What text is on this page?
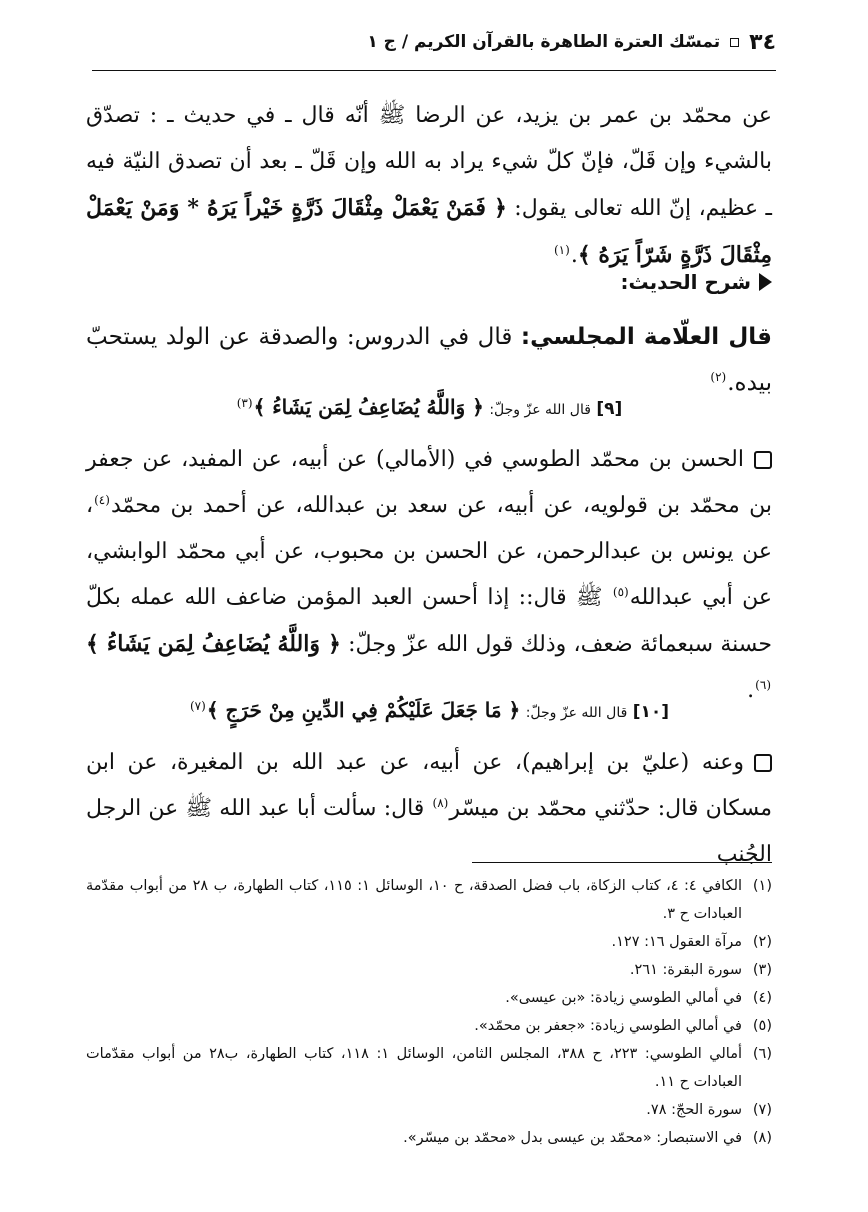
٣٤
تمسّك العترة الطاهرة بالقرآن الكريم / ج ١

عن محمّد بن عمر بن يزيد، عن الرضا ﷺ أنّه قال ـ في حديث ـ : تصدّق بالشيء وإن قَلّ، فإنّ كلّ شيء يراد به الله وإن قَلّ ـ بعد أن تصدق النيّة فيه ـ عظيم، إنّ الله تعالى يقول: ﴿ فَمَنْ يَعْمَلْ مِثْقَالَ ذَرَّةٍ خَيْراً يَرَهُ * وَمَنْ يَعْمَلْ مِثْقَالَ ذَرَّةٍ شَرّاً يَرَهُ ﴾.$^{(١)}$

شرح الحديث:

قال العلّامة المجلسي: قال في الدروس: والصدقة عن الولد يستحبّ بيده.$^{(٢)}$

[٩] قال الله عزّ وجلّ: ﴿ وَاللَّهُ يُضَاعِفُ لِمَن يَشَاءُ ﴾$^{(٣)}$

الحسن بن محمّد الطوسي في (الأمالي) عن أبيه، عن المفيد، عن جعفر بن محمّد بن قولويه، عن أبيه، عن سعد بن عبدالله، عن أحمد بن محمّد$^{(٤)}$، عن يونس بن عبدالرحمن، عن الحسن بن محبوب، عن أبي محمّد الوابشي، عن أبي عبدالله$^{(٥)}$ ﷺ قال:: إذا أحسن العبد المؤمن ضاعف الله عمله بكلّ حسنة سبعمائة ضعف، وذلك قول الله عزّ وجلّ: ﴿ وَاللَّهُ يُضَاعِفُ لِمَن يَشَاءُ ﴾$^{(٦)}$.

[١٠] قال الله عزّ وجلّ: ﴿ مَا جَعَلَ عَلَيْكُمْ فِي الدِّينِ مِنْ حَرَجٍ ﴾$^{(٧)}$

وعنه (عليّ بن إبراهيم)، عن أبيه، عن عبد الله بن المغيرة، عن ابن مسكان قال: حدّثني محمّد بن ميسّر$^{(٨)}$ قال: سألت أبا عبد الله ﷺ عن الرجل الجُنب

(١)
الكافي ٤: ٤، كتاب الزكاة، باب فضل الصدقة، ح ١٠، الوسائل ١: ١١٥، كتاب الطهارة، ب ٢٨ من أبواب مقدّمة العبادات ح ٣.
(٢)
مرآة العقول ١٦: ١٢٧.
(٣)
سورة البقرة: ٢٦١.
(٤)
في أمالي الطوسي زيادة: «بن عيسى».
(٥)
في أمالي الطوسي زيادة: «جعفر بن محمّد».
(٦)
أمالي الطوسي: ٢٢٣، ح ٣٨٨، المجلس الثامن، الوسائل ١: ١١٨، كتاب الطهارة، ب٢٨ من أبواب مقدّمات العبادات ح ١١.
(٧)
سورة الحجّ: ٧٨.
(٨)
في الاستبصار: «محمّد بن عيسى بدل «محمّد بن ميسّر».
